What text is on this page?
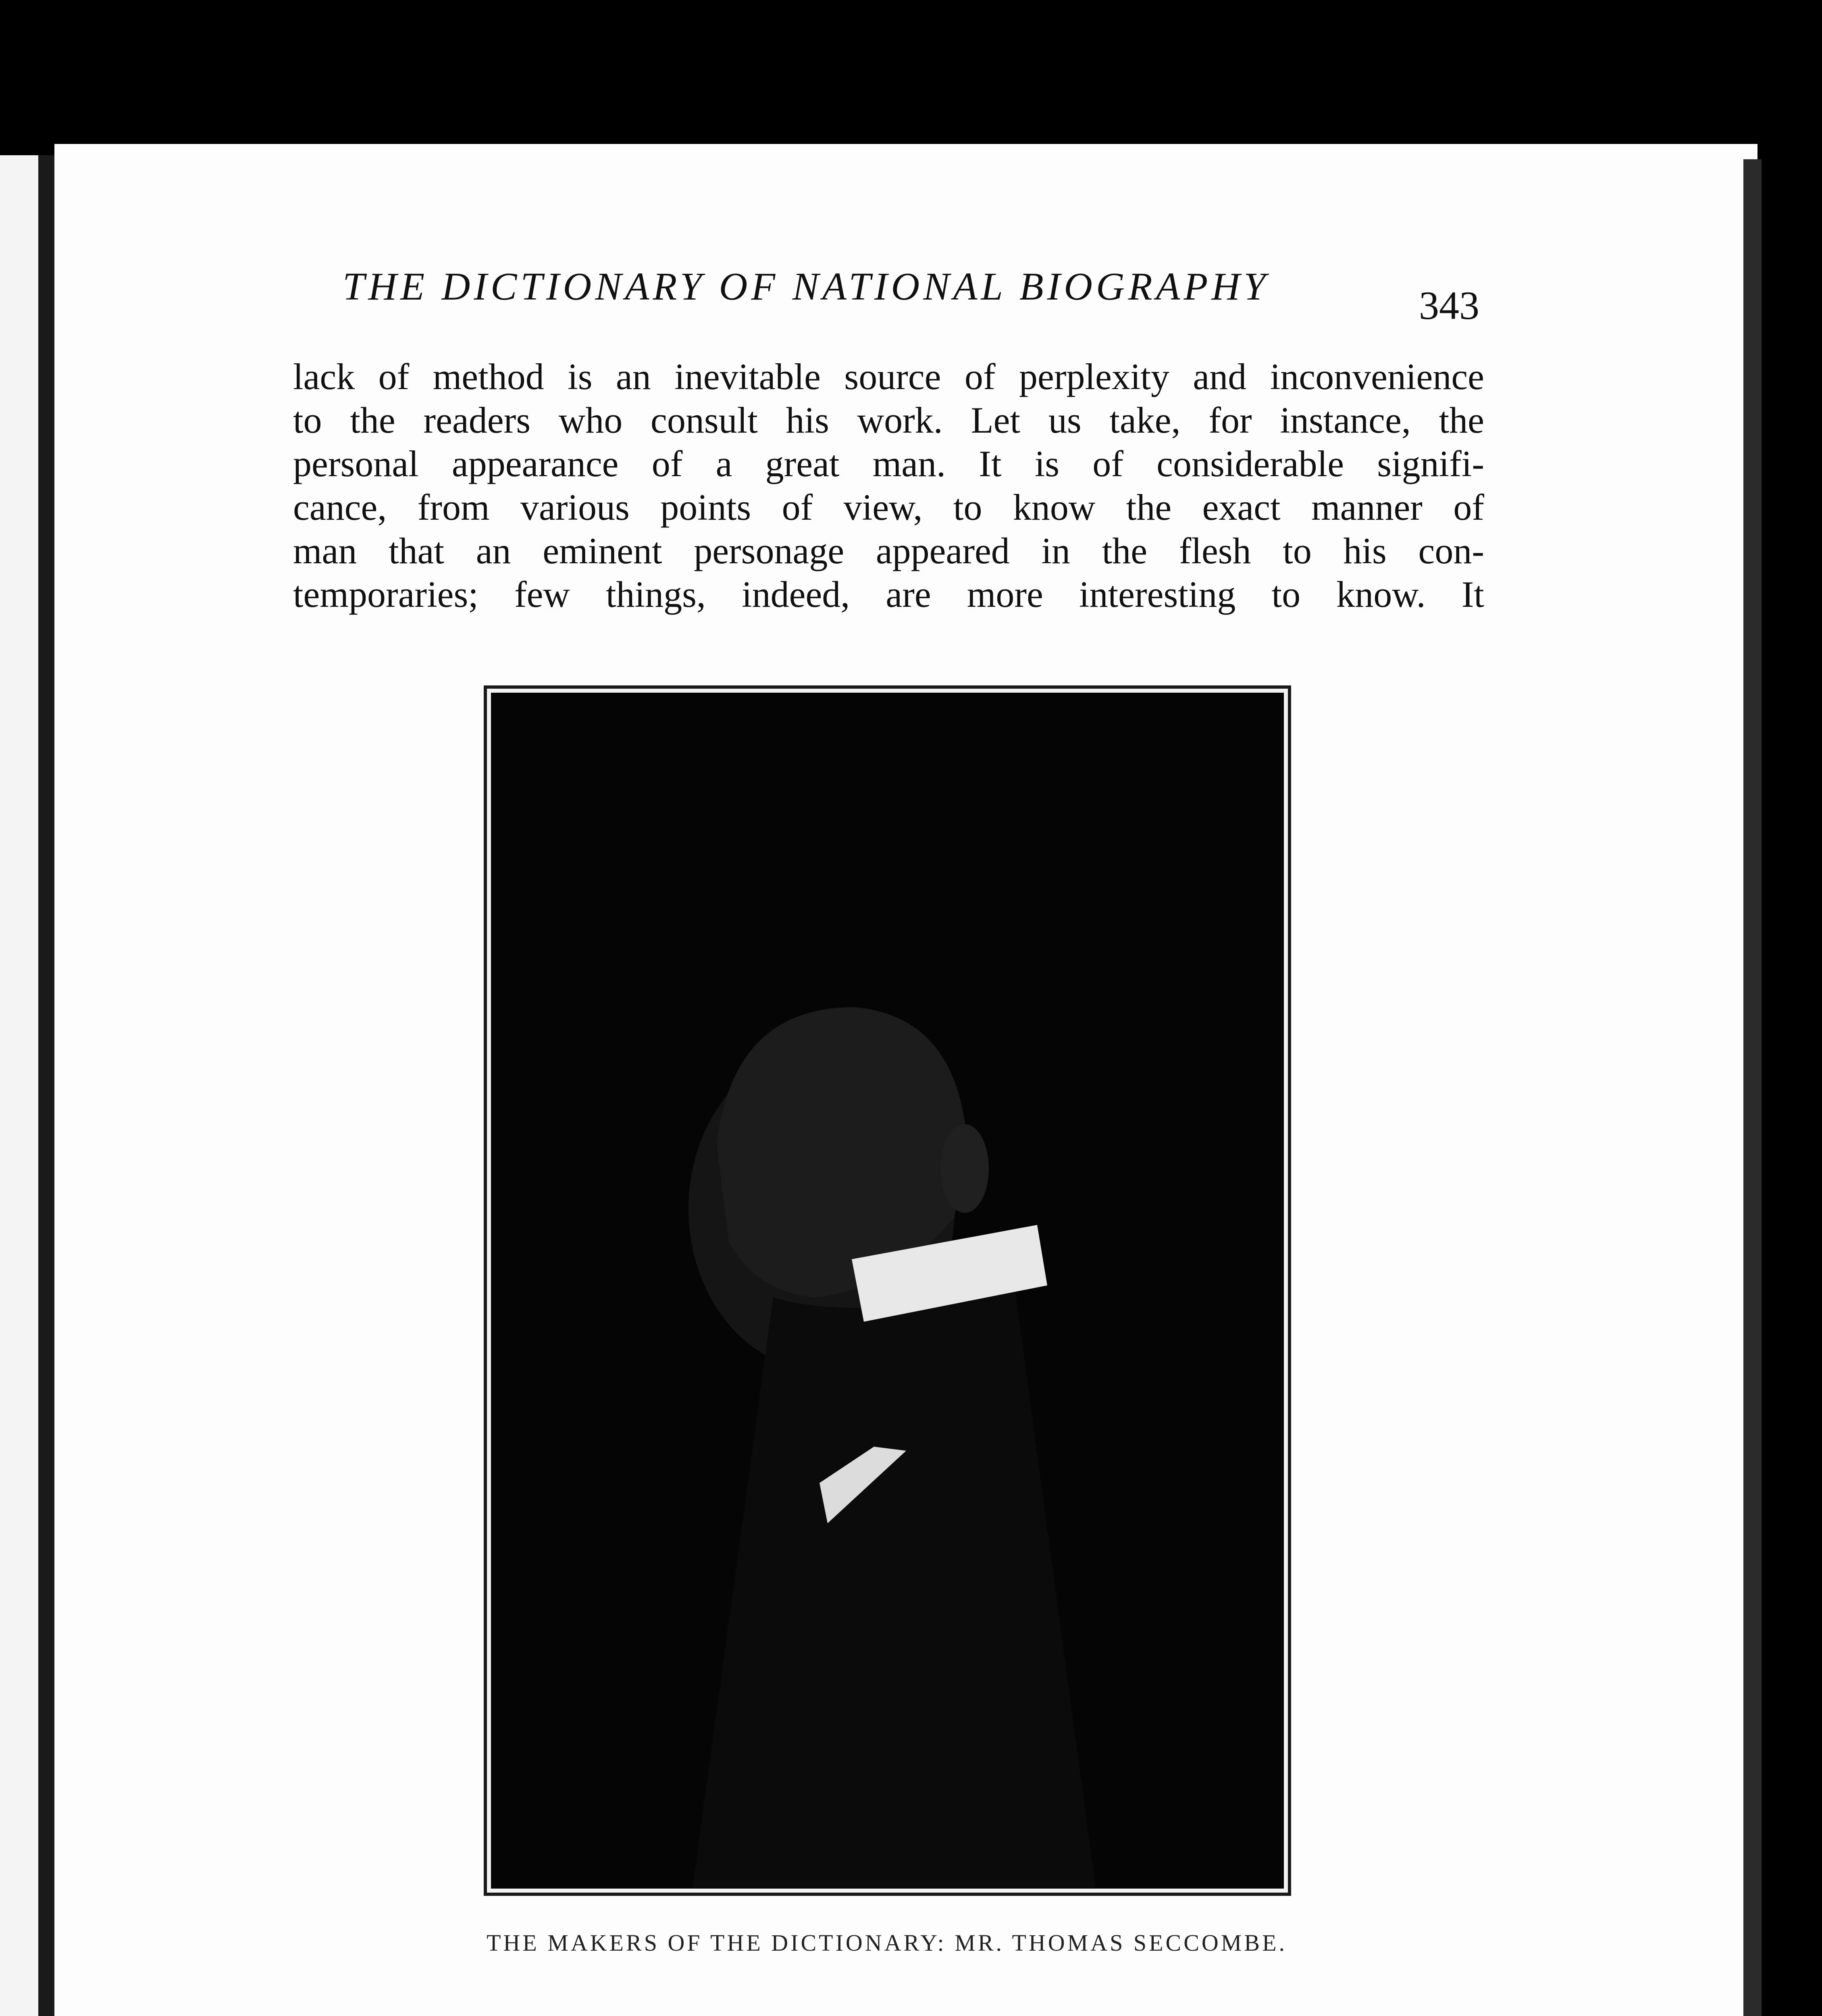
THE DICTIONARY OF NATIONAL BIOGRAPHY	343

lack of method is an inevitable source of perplexity and inconvenience
to the readers who consult his work. Let us take, for instance, the
personal appearance of a great man. It is of considerable signifi-
cance, from various points of view, to know the exact manner of
man that an eminent personage appeared in the flesh to his con-
temporaries; few things, indeed, are more interesting to know. It

THE MAKERS OF THE DICTIONARY: MR. THOMAS SECCOMBE.
